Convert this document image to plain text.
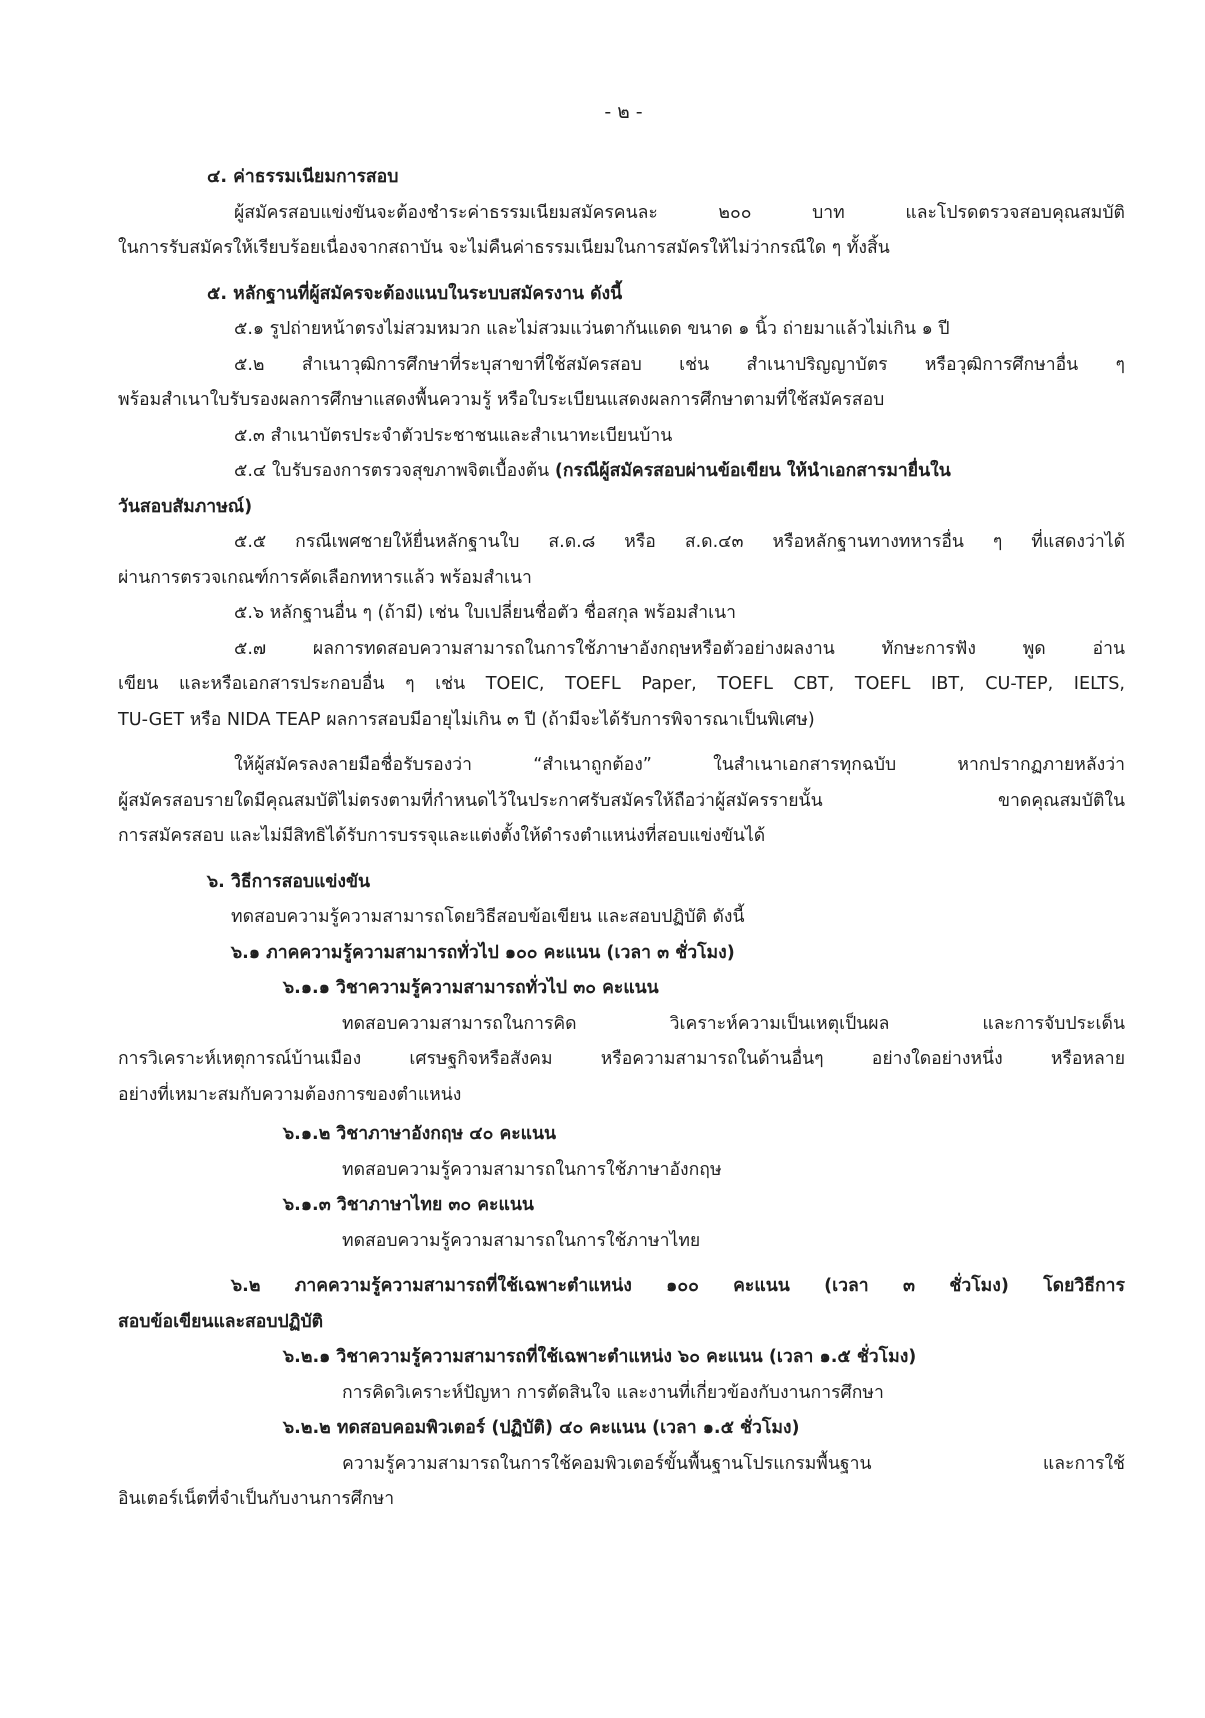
- ๒ -
๔. ค่าธรรมเนียมการสอบ
ผู้สมัครสอบแข่งขันจะต้องชำระค่าธรรมเนียมสมัครคนละ ๒๐๐ บาท และโปรดตรวจสอบคุณสมบัติ
ในการรับสมัครให้เรียบร้อยเนื่องจากสถาบัน จะไม่คืนค่าธรรมเนียมในการสมัครให้ไม่ว่ากรณีใด ๆ ทั้งสิ้น
๕. หลักฐานที่ผู้สมัครจะต้องแนบในระบบสมัครงาน ดังนี้
๕.๑ รูปถ่ายหน้าตรงไม่สวมหมวก และไม่สวมแว่นตากันแดด ขนาด ๑ นิ้ว ถ่ายมาแล้วไม่เกิน ๑ ปี
๕.๒ สำเนาวุฒิการศึกษาที่ระบุสาขาที่ใช้สมัครสอบ เช่น สำเนาปริญญาบัตร หรือวุฒิการศึกษาอื่น ๆ
พร้อมสำเนาใบรับรองผลการศึกษาแสดงพื้นความรู้ หรือใบระเบียนแสดงผลการศึกษาตามที่ใช้สมัครสอบ
๕.๓ สำเนาบัตรประจำตัวประชาชนและสำเนาทะเบียนบ้าน
๕.๔ ใบรับรองการตรวจสุขภาพจิตเบื้องต้น (กรณีผู้สมัครสอบผ่านข้อเขียน ให้นำเอกสารมายื่นใน
วันสอบสัมภาษณ์)
๕.๕ กรณีเพศชายให้ยื่นหลักฐานใบ ส.ด.๘ หรือ ส.ด.๔๓ หรือหลักฐานทางทหารอื่น ๆ ที่แสดงว่าได้
ผ่านการตรวจเกณฑ์การคัดเลือกทหารแล้ว พร้อมสำเนา
๕.๖ หลักฐานอื่น ๆ (ถ้ามี) เช่น ใบเปลี่ยนชื่อตัว ชื่อสกุล พร้อมสำเนา
๕.๗ ผลการทดสอบความสามารถในการใช้ภาษาอังกฤษหรือตัวอย่างผลงาน ทักษะการฟัง พูด อ่าน
เขียน และหรือเอกสารประกอบอื่น ๆ เช่น TOEIC, TOEFL Paper, TOEFL CBT, TOEFL IBT, CU-TEP, IELTS,
TU-GET หรือ NIDA TEAP ผลการสอบมีอายุไม่เกิน ๓ ปี (ถ้ามีจะได้รับการพิจารณาเป็นพิเศษ)
ให้ผู้สมัครลงลายมือชื่อรับรองว่า “สำเนาถูกต้อง” ในสำเนาเอกสารทุกฉบับ หากปรากฏภายหลังว่า
ผู้สมัครสอบรายใดมีคุณสมบัติไม่ตรงตามที่กำหนดไว้ในประกาศรับสมัครให้ถือว่าผู้สมัครรายนั้น ขาดคุณสมบัติใน
การสมัครสอบ และไม่มีสิทธิได้รับการบรรจุและแต่งตั้งให้ดำรงตำแหน่งที่สอบแข่งขันได้
๖. วิธีการสอบแข่งขัน
ทดสอบความรู้ความสามารถโดยวิธีสอบข้อเขียน และสอบปฏิบัติ ดังนี้
๖.๑ ภาคความรู้ความสามารถทั่วไป ๑๐๐ คะแนน (เวลา ๓ ชั่วโมง)
๖.๑.๑ วิชาความรู้ความสามารถทั่วไป ๓๐ คะแนน
ทดสอบความสามารถในการคิด วิเคราะห์ความเป็นเหตุเป็นผล และการจับประเด็น
การวิเคราะห์เหตุการณ์บ้านเมือง เศรษฐกิจหรือสังคม หรือความสามารถในด้านอื่นๆ อย่างใดอย่างหนึ่ง หรือหลาย
อย่างที่เหมาะสมกับความต้องการของตำแหน่ง
๖.๑.๒ วิชาภาษาอังกฤษ ๔๐ คะแนน
ทดสอบความรู้ความสามารถในการใช้ภาษาอังกฤษ
๖.๑.๓ วิชาภาษาไทย ๓๐ คะแนน
ทดสอบความรู้ความสามารถในการใช้ภาษาไทย
๖.๒ ภาคความรู้ความสามารถที่ใช้เฉพาะตำแหน่ง ๑๐๐ คะแนน (เวลา ๓ ชั่วโมง) โดยวิธีการ
สอบข้อเขียนและสอบปฏิบัติ
๖.๒.๑ วิชาความรู้ความสามารถที่ใช้เฉพาะตำแหน่ง ๖๐ คะแนน (เวลา ๑.๕ ชั่วโมง)
การคิดวิเคราะห์ปัญหา การตัดสินใจ และงานที่เกี่ยวข้องกับงานการศึกษา
๖.๒.๒ ทดสอบคอมพิวเตอร์ (ปฏิบัติ) ๔๐ คะแนน (เวลา ๑.๕ ชั่วโมง)
ความรู้ความสามารถในการใช้คอมพิวเตอร์ขั้นพื้นฐานโปรแกรมพื้นฐาน และการใช้
อินเตอร์เน็ตที่จำเป็นกับงานการศึกษา
